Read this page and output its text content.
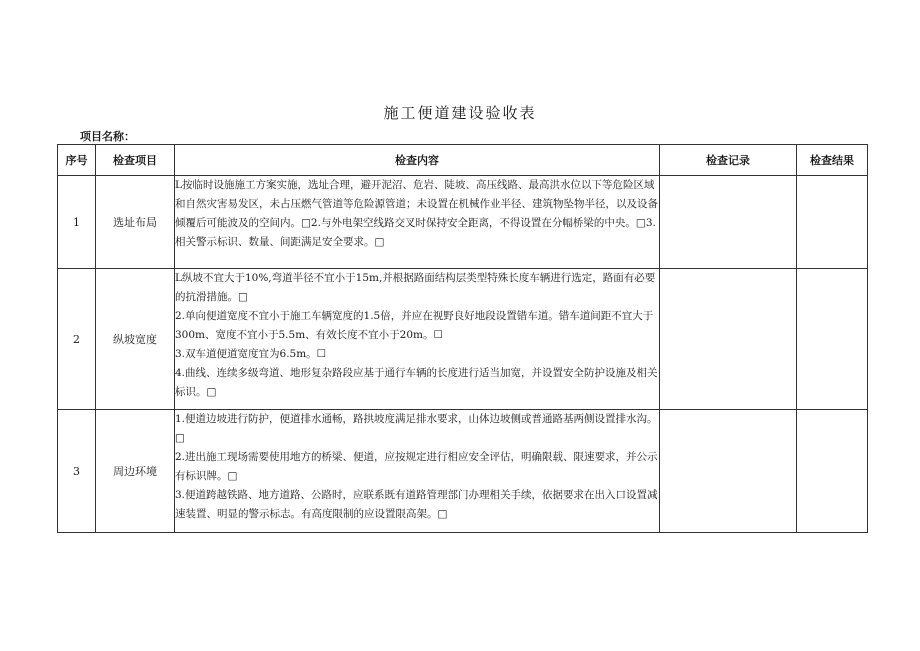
施工便道建设验收表
项目名称：
序号	检查项目	检查内容	检查记录	检查结果
1	选址布局	L按临时设施施工方案实施，选址合理，避开泥沼、危岩、陡坡、高压线路、最高洪水位以下等危险区域和自然灾害易发区，未占压燃气管道等危险源管道；未设置在机械作业半径、建筑物坠物半径，以及设备倾覆后可能波及的空间内。□2.与外电架空线路交叉时保持安全距离，不得设置在分幅桥梁的中央。□3.相关警示标识、数量、间距满足安全要求。□		

2	纵坡宽度	L纵坡不宜大于10%,弯道半径不宜小于15m,并根据路面结构层类型特殊长度车辆进行选定，路面有必要的抗滑措施。□

2.单向便道宽度不宜小于施工车辆宽度的1.5倍，并应在视野良好地段设置错车道。错车道间距不宜大于300m、宽度不宜小于5.5m、有效长度不宜小于20m。☐

3.双车道便道宽度宜为6.5m。☐

4.曲线、连续多级弯道、地形复杂路段应基于通行车辆的长度进行适当加宽，并设置安全防护设施及相关标识。□		

3	周边环境	1.便道边坡进行防护，便道排水通畅，路拱坡度满足排水要求，山体边坡侧或普通路基两侧设置排水沟。□

2.进出施工现场需要使用地方的桥梁、便道，应按规定进行相应安全评估，明确限载、限速要求，并公示有标识牌。□

3.便道跨越铁路、地方道路、公路时，应联系既有道路管理部门办理相关手续，依据要求在出入口设置减速装置、明显的警示标志。有高度限制的应设置限高架。□		
